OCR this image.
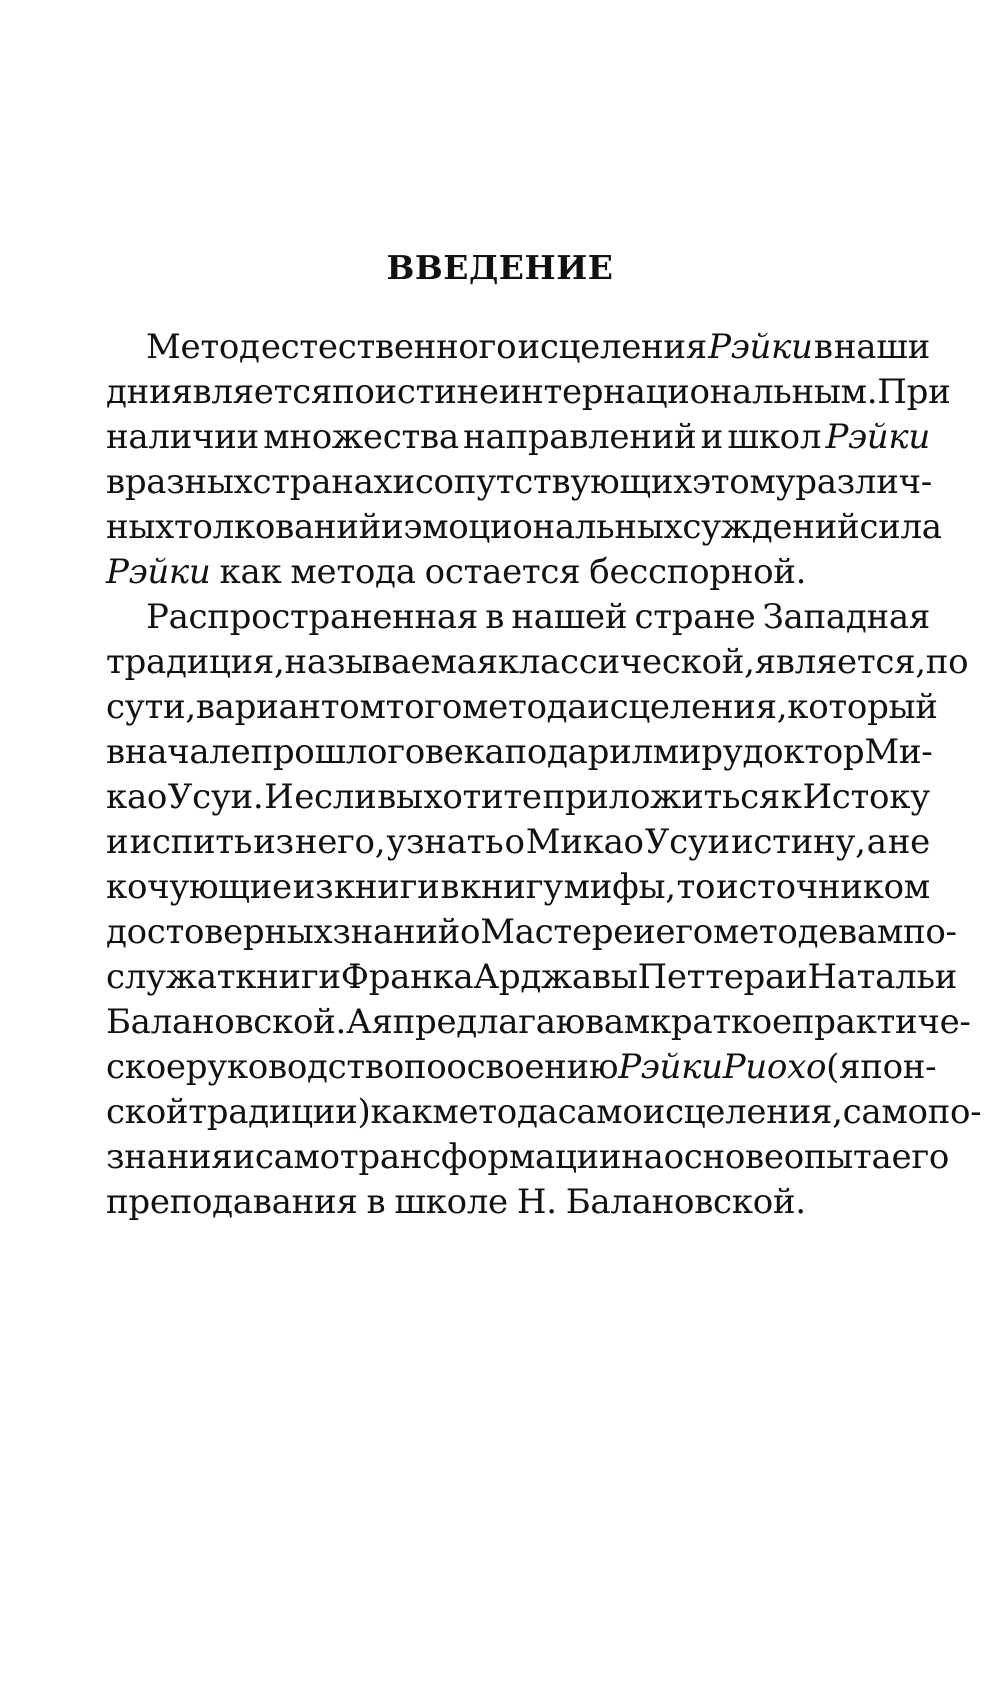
ВВЕДЕНИЕ
Метод естественного исцеления Рэйки в наши
дни является поистине интернациональным. При
наличии множества направлений и школ Рэйки
в разных странах и сопутствующих этому различ-
ных толкований и эмоциональных суждений сила
Рэйки как метода остается бесспорной.
Распространенная в нашей стране Западная
традиция, называемая классической, является, по
сути, вариантом того метода исцеления, который
в начале прошлого века подарил миру доктор Ми-
као Усуи. И если вы хотите приложиться к Истоку
и испить из него, узнать о Микао Усуи истину, а не
кочующие из книги в книгу мифы, то источником
достоверных знаний о Мастере и его методе вам по-
служат книги Франка Арджавы Петтера и Натальи
Балановской. А я предлагаю вам краткое практиче-
ское руководство по освоению Рэйки Риохо (япон-
ской традиции) как метода самоисцеления, самопо-
знания и самотрансформации на основе опыта его
преподавания в школе Н. Балановской.
